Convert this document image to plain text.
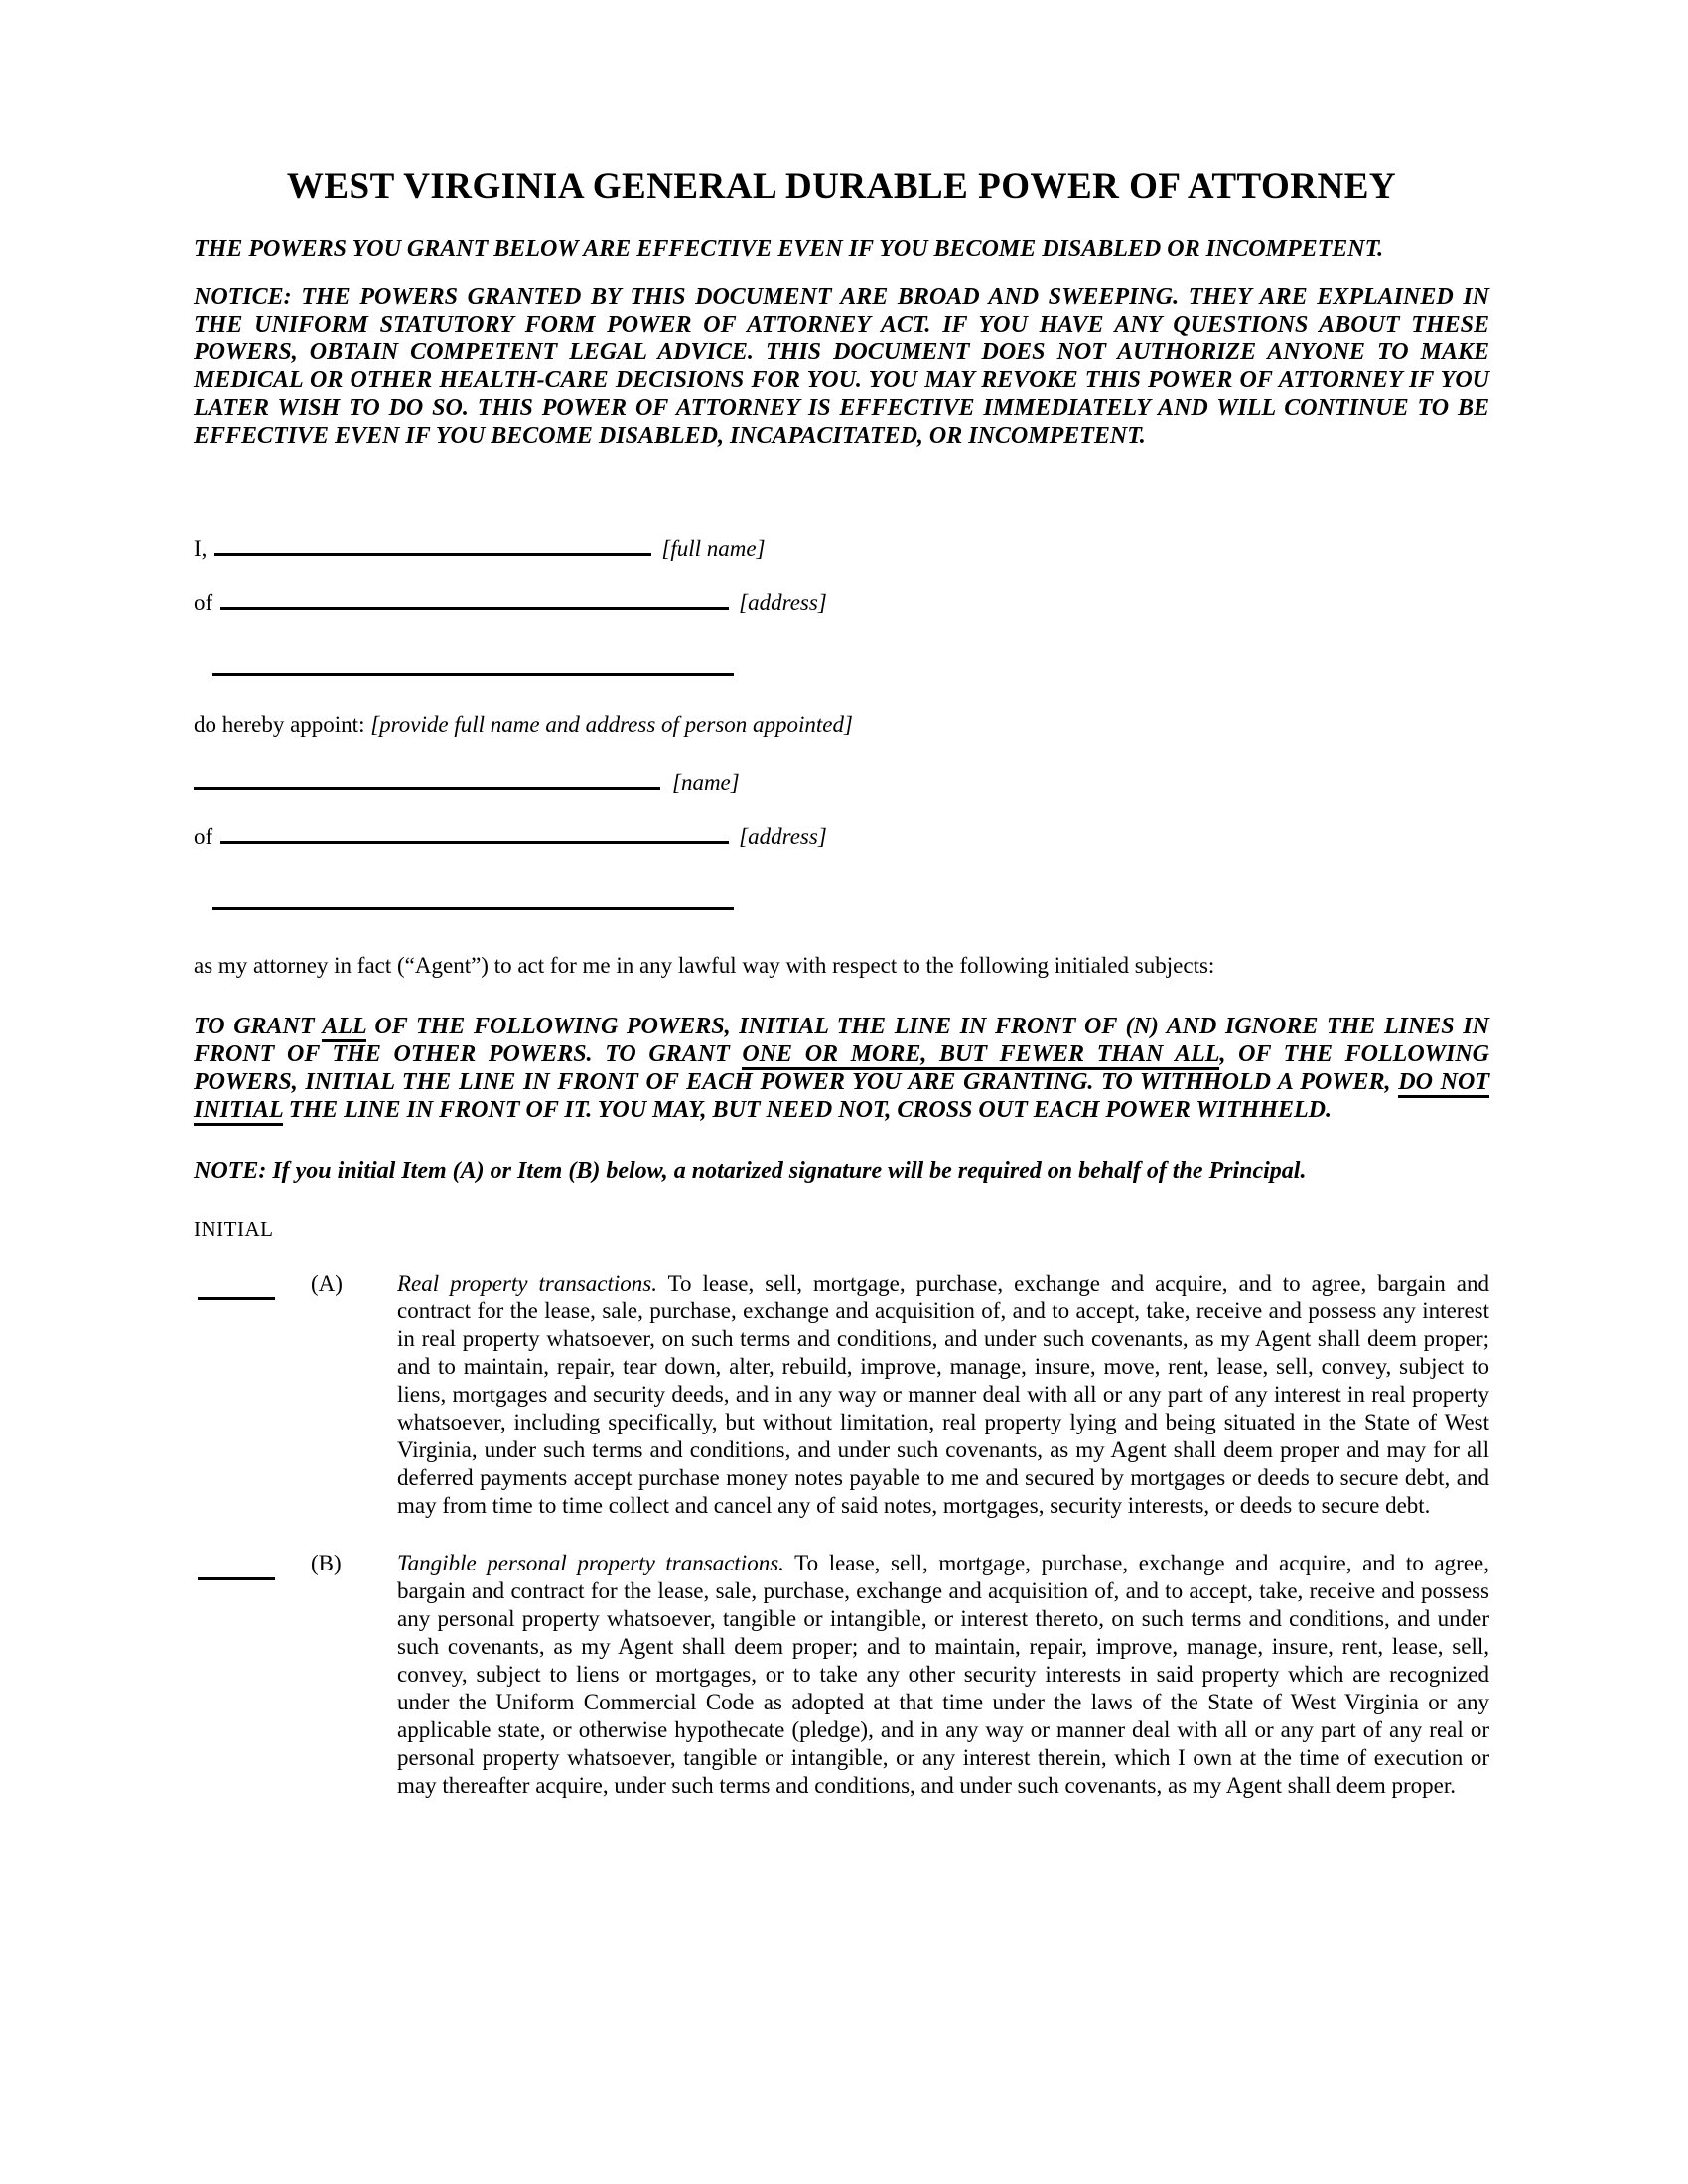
WEST VIRGINIA GENERAL DURABLE POWER OF ATTORNEY

THE POWERS YOU GRANT BELOW ARE EFFECTIVE EVEN IF YOU BECOME DISABLED OR INCOMPETENT.

NOTICE: THE POWERS GRANTED BY THIS DOCUMENT ARE BROAD AND SWEEPING. THEY ARE EXPLAINED IN THE UNIFORM STATUTORY FORM POWER OF ATTORNEY ACT. IF YOU HAVE ANY QUESTIONS ABOUT THESE POWERS, OBTAIN COMPETENT LEGAL ADVICE. THIS DOCUMENT DOES NOT AUTHORIZE ANYONE TO MAKE MEDICAL OR OTHER HEALTH-CARE DECISIONS FOR YOU. YOU MAY REVOKE THIS POWER OF ATTORNEY IF YOU LATER WISH TO DO SO. THIS POWER OF ATTORNEY IS EFFECTIVE IMMEDIATELY AND WILL CONTINUE TO BE EFFECTIVE EVEN IF YOU BECOME DISABLED, INCAPACITATED, OR INCOMPETENT.

I,	[full name]
of	[address]
do hereby appoint: [provide full name and address of person appointed]
[name]
of	[address]

as my attorney in fact (“Agent”) to act for me in any lawful way with respect to the following initialed subjects:

TO GRANT ALL OF THE FOLLOWING POWERS, INITIAL THE LINE IN FRONT OF (N) AND IGNORE THE LINES IN FRONT OF THE OTHER POWERS. TO GRANT ONE OR MORE, BUT FEWER THAN ALL, OF THE FOLLOWING POWERS, INITIAL THE LINE IN FRONT OF EACH POWER YOU ARE GRANTING. TO WITHHOLD A POWER, DO NOT INITIAL THE LINE IN FRONT OF IT. YOU MAY, BUT NEED NOT, CROSS OUT EACH POWER WITHHELD.

NOTE: If you initial Item (A) or Item (B) below, a notarized signature will be required on behalf of the Principal.

INITIAL
(A)	Real property transactions. To lease, sell, mortgage, purchase, exchange and acquire, and to agree, bargain and contract for the lease, sale, purchase, exchange and acquisition of, and to accept, take, receive and possess any interest in real property whatsoever, on such terms and conditions, and under such covenants, as my Agent shall deem proper; and to maintain, repair, tear down, alter, rebuild, improve, manage, insure, move, rent, lease, sell, convey, subject to liens, mortgages and security deeds, and in any way or manner deal with all or any part of any interest in real property whatsoever, including specifically, but without limitation, real property lying and being situated in the State of West Virginia, under such terms and conditions, and under such covenants, as my Agent shall deem proper and may for all deferred payments accept purchase money notes payable to me and secured by mortgages or deeds to secure debt, and may from time to time collect and cancel any of said notes, mortgages, security interests, or deeds to secure debt.
(B)	Tangible personal property transactions. To lease, sell, mortgage, purchase, exchange and acquire, and to agree, bargain and contract for the lease, sale, purchase, exchange and acquisition of, and to accept, take, receive and possess any personal property whatsoever, tangible or intangible, or interest thereto, on such terms and conditions, and under such covenants, as my Agent shall deem proper; and to maintain, repair, improve, manage, insure, rent, lease, sell, convey, subject to liens or mortgages, or to take any other security interests in said property which are recognized under the Uniform Commercial Code as adopted at that time under the laws of the State of West Virginia or any applicable state, or otherwise hypothecate (pledge), and in any way or manner deal with all or any part of any real or personal property whatsoever, tangible or intangible, or any interest therein, which I own at the time of execution or may thereafter acquire, under such terms and conditions, and under such covenants, as my Agent shall deem proper.
